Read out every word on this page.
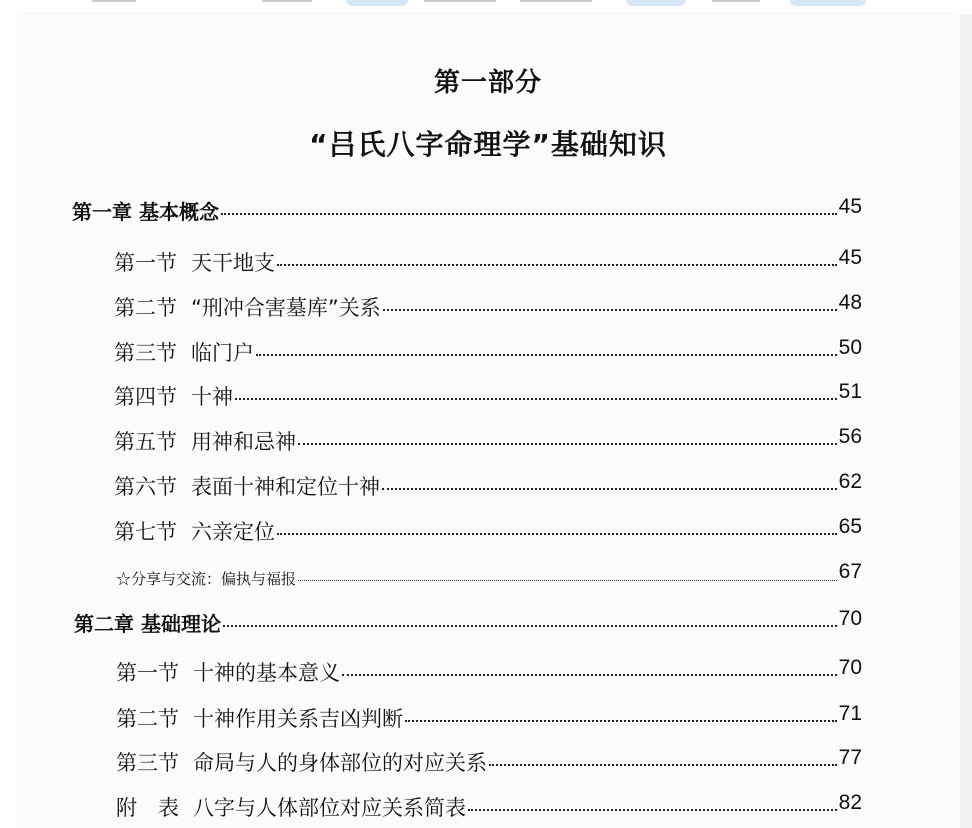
第一部分
“吕氏八字命理学”基础知识
第一章 基本概念	45
第一节 天干地支	45
第二节 “刑冲合害墓库”关系	48
第三节 临门户	50
第四节 十神	51
第五节 用神和忌神	56
第六节 表面十神和定位十神	62
第七节 六亲定位	65
☆分享与交流：偏执与福报	67
第二章 基础理论	70
第一节 十神的基本意义	70
第二节 十神作用关系吉凶判断	71
第三节 命局与人的身体部位的对应关系	77
附　表 八字与人体部位对应关系简表	82
